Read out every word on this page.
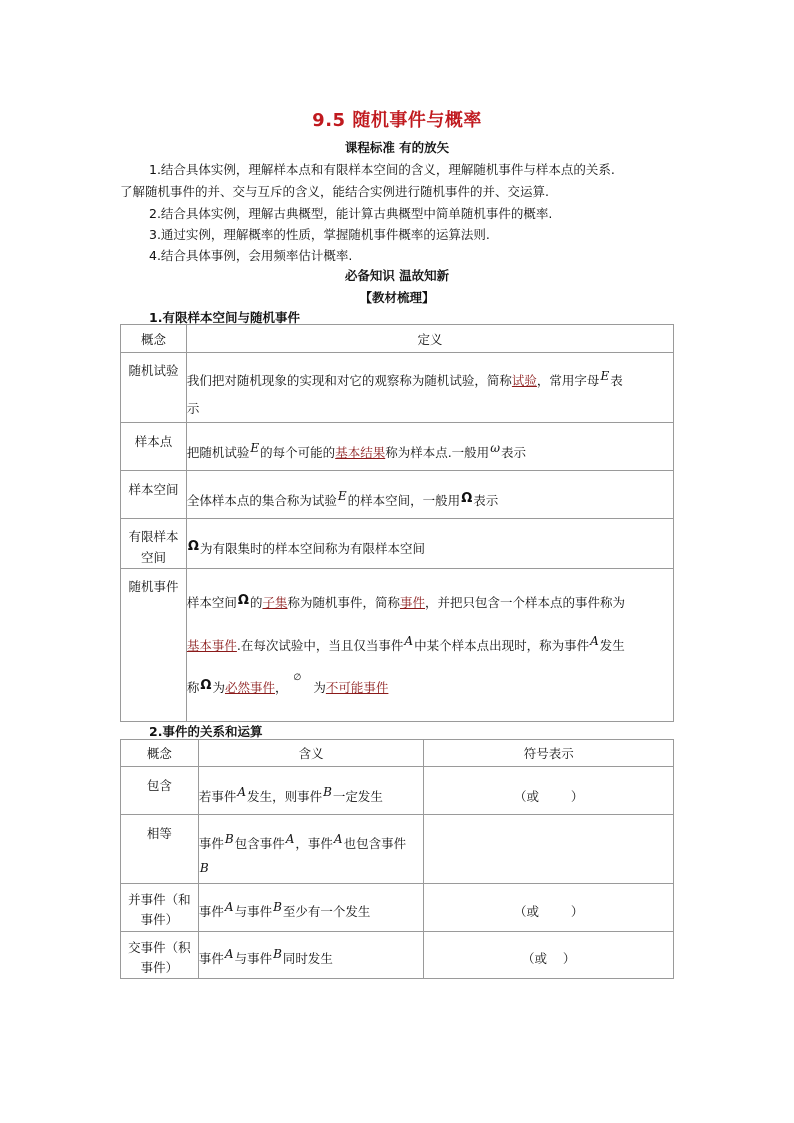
9.5 随机事件与概率
课程标准 有的放矢
1.结合具体实例，理解样本点和有限样本空间的含义，理解随机事件与样本点的关系.
了解随机事件的并、交与互斥的含义，能结合实例进行随机事件的并、交运算.
2.结合具体实例，理解古典概型，能计算古典概型中简单随机事件的概率.
3.通过实例，理解概率的性质，掌握随机事件概率的运算法则.
4.结合具体事例，会用频率估计概率.
必备知识 温故知新
【教材梳理】
1.有限样本空间与随机事件
概念	定义
随机试验	我们把对随机现象的实现和对它的观察称为随机试验，简称试验，常用字母E表
示
样本点	把随机试验E的每个可能的基本结果称为样本点.一般用ω表示
样本空间	全体样本点的集合称为试验E的样本空间，一般用Ω表示
有限样本
空间	Ω为有限集时的样本空间称为有限样本空间
随机事件	样本空间Ω的子集称为随机事件，简称事件，并把只包含一个样本点的事件称为
基本事件.在每次试验中，当且仅当事件A中某个样本点出现时，称为事件A发生
称Ω为必然事件，∅为不可能事件
2.事件的关系和运算
概念	含义	符号表示
包含	若事件A发生，则事件B一定发生	（或        ）
相等	事件B包含事件A，事件A也包含事件
B	
并事件（和
事件）	事件A与事件B至少有一个发生	（或        ）
交事件（积
事件）	事件A与事件B同时发生	（或    ）
